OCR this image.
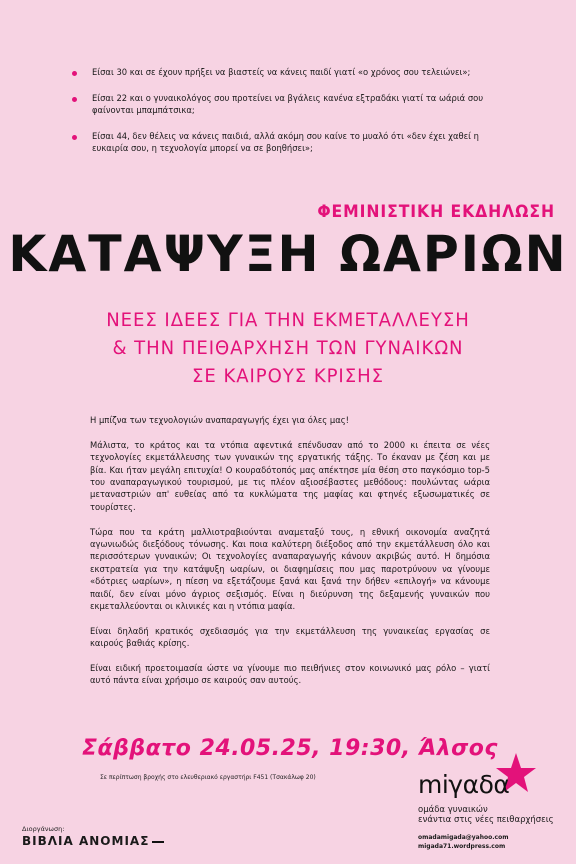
Είσαι 30 και σε έχουν πρήξει να βιαστείς να κάνεις παιδί γιατί «ο χρόνος σου τελειώνει»;
Είσαι 22 και ο γυναικολόγος σου προτείνει να βγάλεις κανένα εξτραδάκι γιατί τα ωάριά σου φαίνονται μπαμπάτσικα;
Είσαι 44, δεν θέλεις να κάνεις παιδιά, αλλά ακόμη σου καίνε το μυαλό ότι «δεν έχει χαθεί η ευκαιρία σου, η τεχνολογία μπορεί να σε βοηθήσει»;
ΦΕΜΙΝΙΣΤΙΚΗ ΕΚΔΗΛΩΣΗ
ΚΑΤΑΨΥΞΗ ΩΑΡΙΩΝ
ΝΕΕΣ ΙΔΕΕΣ ΓΙΑ ΤΗΝ ΕΚΜΕΤΑΛΛΕΥΣΗ
& ΤΗΝ ΠΕΙΘΑΡΧΗΣΗ ΤΩΝ ΓΥΝΑΙΚΩΝ
ΣΕ ΚΑΙΡΟΥΣ ΚΡΙΣΗΣ

Η μπίζνα των τεχνολογιών αναπαραγωγής έχει για όλες μας!

Μάλιστα, το κράτος και τα ντόπια αφεντικά επένδυσαν από το 2000 κι έπειτα σε νέες τεχνολογίες εκμετάλλευσης των γυναικών της εργατικής τάξης. Το έκαναν με ζέση και με βία. Και ήταν μεγάλη επιτυχία! Ο κουραδότοπός μας απέκτησε μία θέση στο παγκόσμιο top-5 του αναπαραγωγικού τουρισμού, με τις πλέον αξιοσέβαστες μεθόδους: πουλώντας ωάρια μεταναστριών απ' ευθείας από τα κυκλώματα της μαφίας και φτηνές εξωσωματικές σε τουρίστες.

Τώρα που τα κράτη μαλλιοτραβιούνται αναμεταξύ τους, η εθνική οικονομία αναζητά αγωνιωδώς διεξόδους τόνωσης. Και ποια καλύτερη διέξοδος από την εκμετάλλευση όλο και περισσότερων γυναικών; Οι τεχνολογίες αναπαραγωγής κάνουν ακριβώς αυτό. Η δημόσια εκστρατεία για την κατάψυξη ωαρίων, οι διαφημίσεις που μας παροτρύνουν να γίνουμε «δότριες ωαρίων», η πίεση να εξετάζουμε ξανά και ξανά την δήθεν «επιλογή» να κάνουμε παιδί, δεν είναι μόνο άγριος σεξισμός. Είναι η διεύρυνση της δεξαμενής γυναικών που εκμεταλλεύονται οι κλινικές και η ντόπια μαφία.

Είναι δηλαδή κρατικός σχεδιασμός για την εκμετάλλευση της γυναικείας εργασίας σε καιρούς βαθιάς κρίσης.

Είναι ειδική προετοιμασία ώστε να γίνουμε πιο πειθήνιες στον κοινωνικό μας ρόλο – γιατί αυτό πάντα είναι χρήσιμο σε καιρούς σαν αυτούς.

Σάββατο 24.05.25, 19:30, Άλσος
Σε περίπτωση βροχής στο ελευθεριακό εργαστήρι F451 (Τσακάλωφ 20)
Διοργάνωση:
ΒΙΒΛΙΑ ΑΝΟΜΙΑΣ
miγαδα
ομάδα γυναικών
ενάντια στις νέες πειθαρχήσεις
omadamigada@yahoo.com
migada71.wordpress.com
